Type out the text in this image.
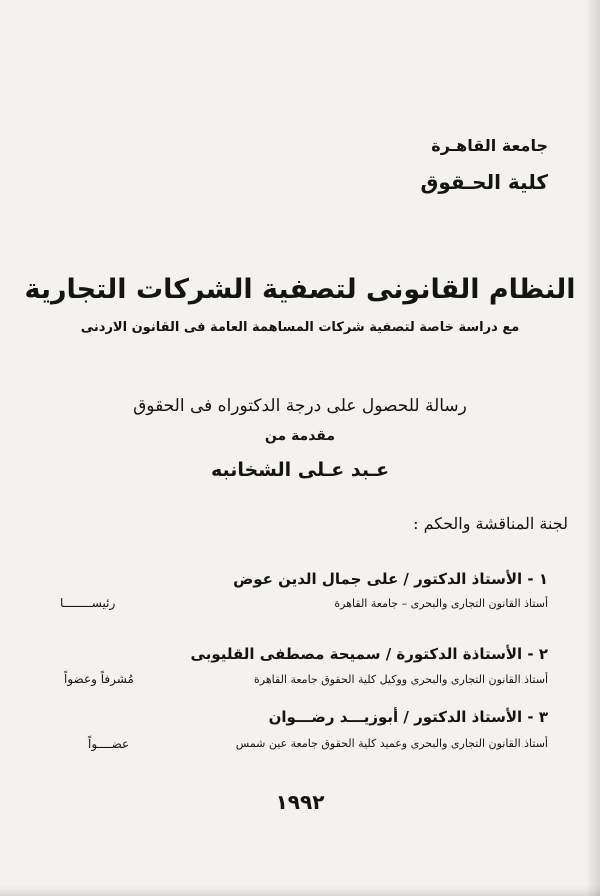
جامعة القاهـرة
كلية الحـقوق
النظام القانونى لتصفية الشركات التجارية
مع دراسة خاصة لتصفية شركات المساهمة العامة فى القانون الاردنى
رسالة للحصول على درجة الدكتوراه فى الحقوق
مقدمة من
عـبد عـلى الشخانبه
لجنة المناقشة والحكم :
١ - الأستاذ الدكتور / على جمال الدين عوض
أستاذ القانون التجارى والبحرى – جامعة القاهرة
رئيســــــــا
٢ - الأستاذة الدكتورة / سميحة مصطفى القليوبى
أستاذ القانون التجارى والبحرى ووكيل كلية الحقوق جامعة القاهرة
مُشرفاً وعضواً
٣ - الأستاذ الدكتور / أبوزيـــد رضـــوان
أستاذ القانون التجارى والبحرى وعميد كلية الحقوق جامعة عين شمس
عضــــواً
١٩٩٢
